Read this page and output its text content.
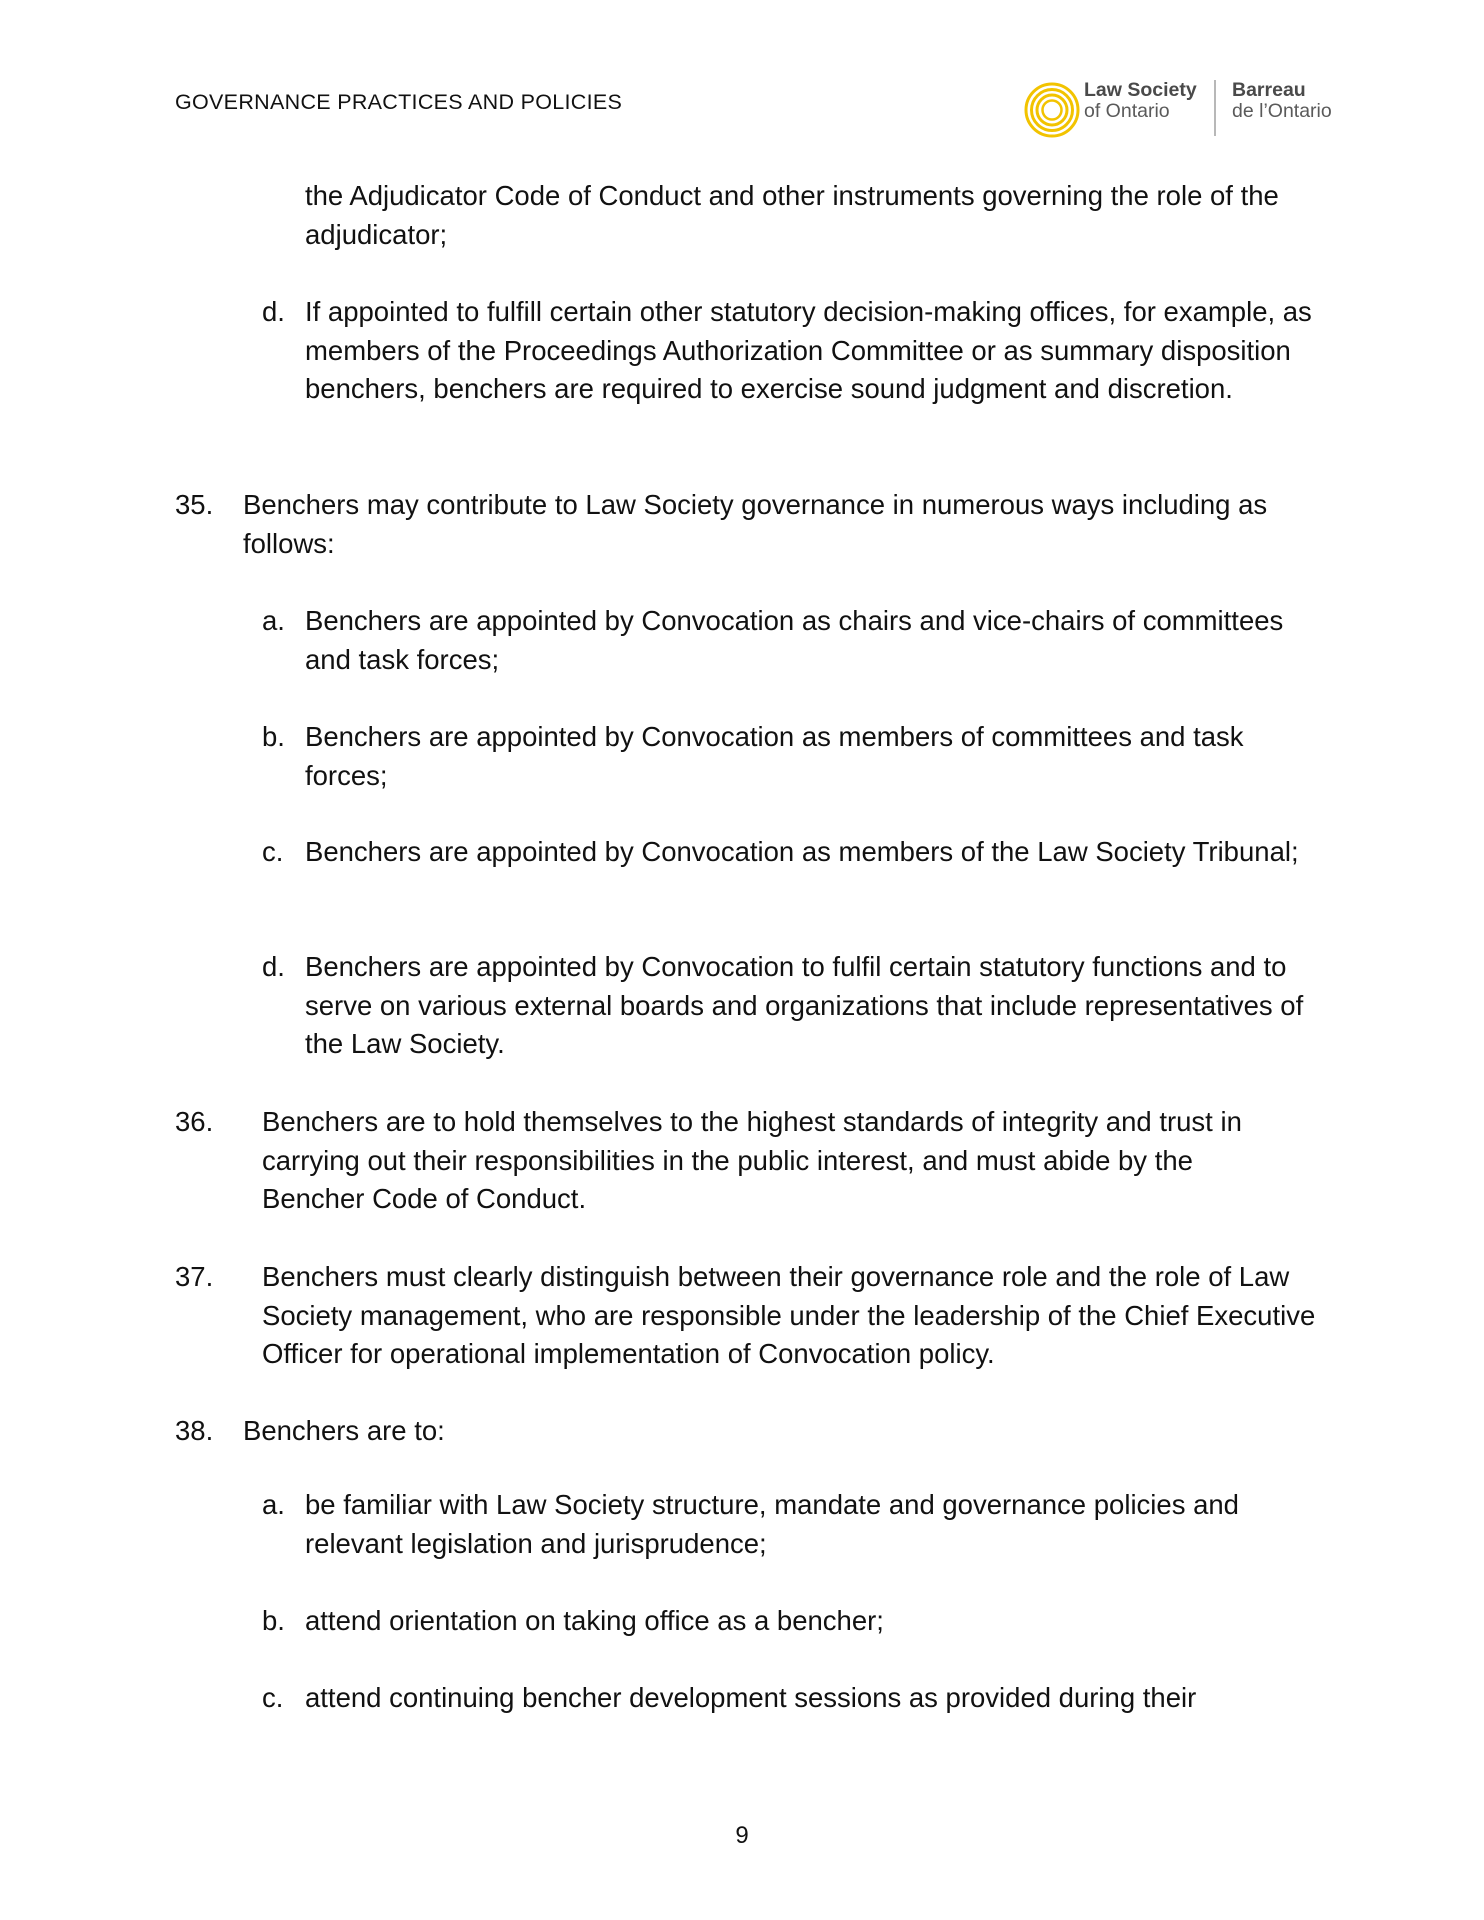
GOVERNANCE PRACTICES AND POLICIES	Law Society
of Ontario
Barreau
de l’Ontario
the Adjudicator Code of Conduct and other instruments governing the role of the adjudicator;
d. If appointed to fulfill certain other statutory decision-making offices, for example, as members of the Proceedings Authorization Committee or as summary disposition benchers, benchers are required to exercise sound judgment and discretion.
35. Benchers may contribute to Law Society governance in numerous ways including as follows:
a. Benchers are appointed by Convocation as chairs and vice-chairs of committees and task forces;
b. Benchers are appointed by Convocation as members of committees and task forces;
c. Benchers are appointed by Convocation as members of the Law Society Tribunal;
d. Benchers are appointed by Convocation to fulfil certain statutory functions and to serve on various external boards and organizations that include representatives of the Law Society.
36. Benchers are to hold themselves to the highest standards of integrity and trust in carrying out their responsibilities in the public interest, and must abide by the Bencher Code of Conduct.
37. Benchers must clearly distinguish between their governance role and the role of Law Society management, who are responsible under the leadership of the Chief Executive Officer for operational implementation of Convocation policy.
38. Benchers are to:
a. be familiar with Law Society structure, mandate and governance policies and relevant legislation and jurisprudence;
b. attend orientation on taking office as a bencher;
c. attend continuing bencher development sessions as provided during their
9
